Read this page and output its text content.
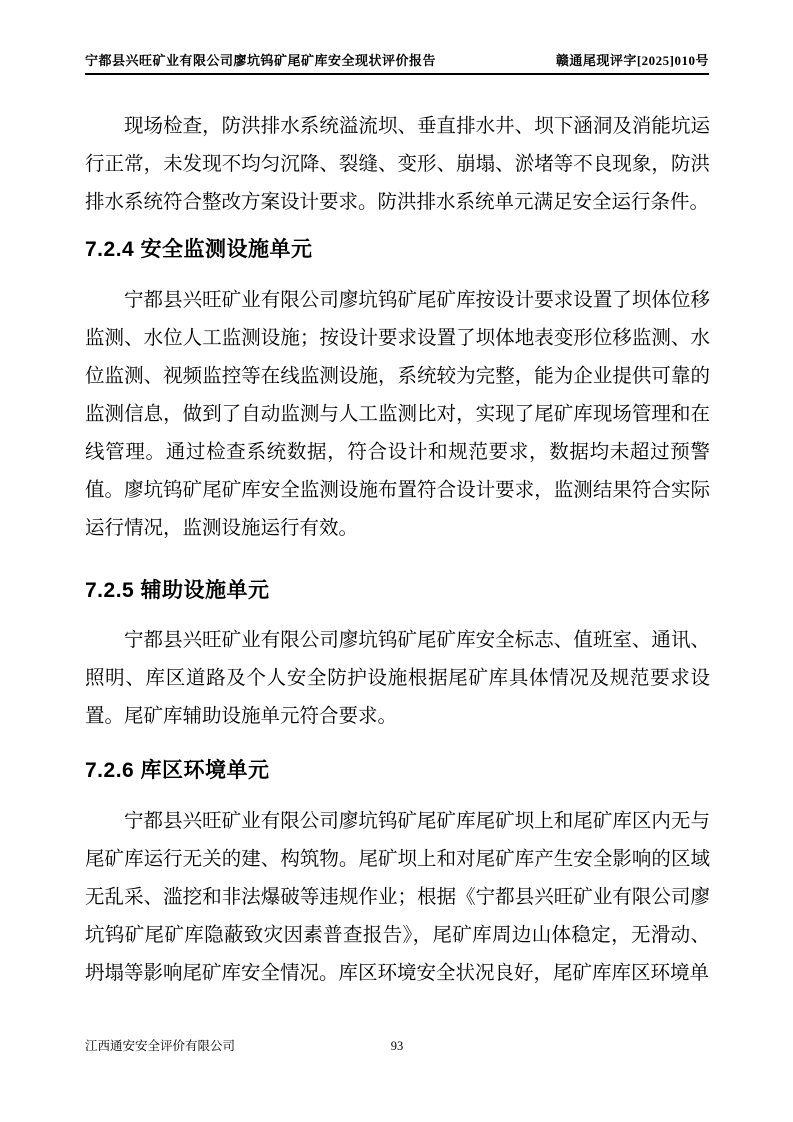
宁都县兴旺矿业有限公司廖坑钨矿尾矿库安全现状评价报告	赣通尾现评字[2025]010号

现场检查，防洪排水系统溢流坝、垂直排水井、坝下涵洞及消能坑运行正常，未发现不均匀沉降、裂缝、变形、崩塌、淤堵等不良现象，防洪排水系统符合整改方案设计要求。防洪排水系统单元满足安全运行条件。

7.2.4 安全监测设施单元

宁都县兴旺矿业有限公司廖坑钨矿尾矿库按设计要求设置了坝体位移监测、水位人工监测设施；按设计要求设置了坝体地表变形位移监测、水位监测、视频监控等在线监测设施，系统较为完整，能为企业提供可靠的监测信息，做到了自动监测与人工监测比对，实现了尾矿库现场管理和在线管理。通过检查系统数据，符合设计和规范要求，数据均未超过预警值。廖坑钨矿尾矿库安全监测设施布置符合设计要求，监测结果符合实际运行情况，监测设施运行有效。

7.2.5 辅助设施单元

宁都县兴旺矿业有限公司廖坑钨矿尾矿库安全标志、值班室、通讯、照明、库区道路及个人安全防护设施根据尾矿库具体情况及规范要求设置。尾矿库辅助设施单元符合要求。

7.2.6 库区环境单元

宁都县兴旺矿业有限公司廖坑钨矿尾矿库尾矿坝上和尾矿库区内无与尾矿库运行无关的建、构筑物。尾矿坝上和对尾矿库产生安全影响的区域无乱采、滥挖和非法爆破等违规作业；根据《宁都县兴旺矿业有限公司廖坑钨矿尾矿库隐蔽致灾因素普查报告》，尾矿库周边山体稳定，无滑动、坍塌等影响尾矿库安全情况。库区环境安全状况良好，尾矿库库区环境单

江西通安安全评价有限公司	93
